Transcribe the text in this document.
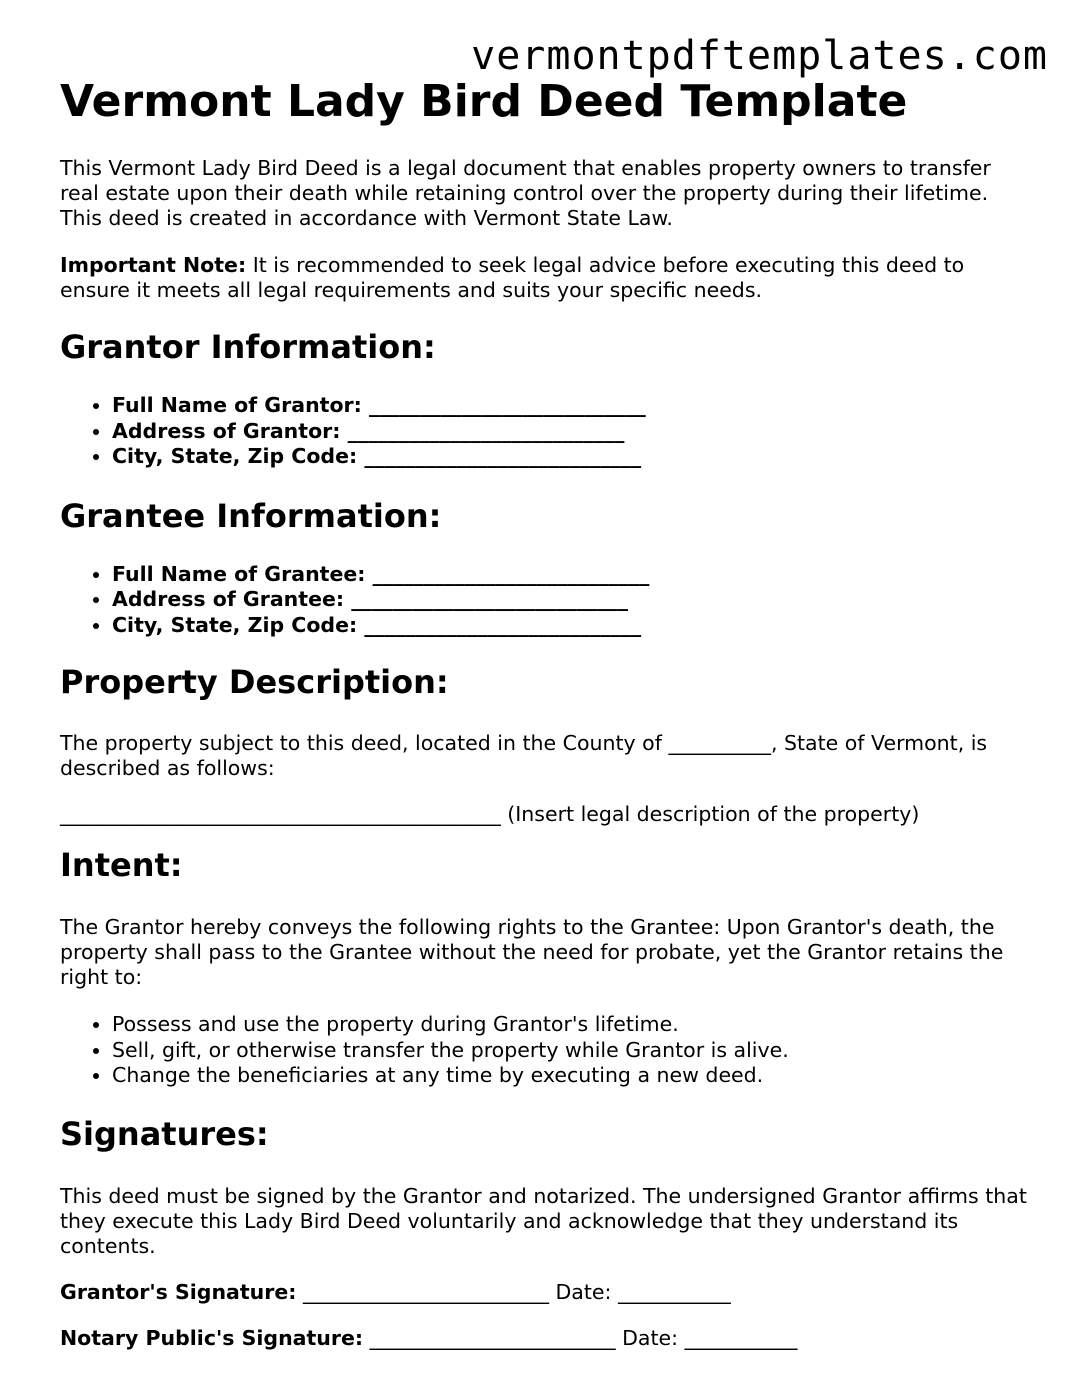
vermontpdftemplates.com
Vermont Lady Bird Deed Template

This Vermont Lady Bird Deed is a legal document that enables property owners to transfer real estate upon their death while retaining control over the property during their lifetime. This deed is created in accordance with Vermont State Law.

Important Note: It is recommended to seek legal advice before executing this deed to ensure it meets all legal requirements and suits your specific needs.

Grantor Information:
• Full Name of Grantor: ___________________________
• Address of Grantor: ___________________________
• City, State, Zip Code: ___________________________
Grantee Information:
• Full Name of Grantee: ___________________________
• Address of Grantee: ___________________________
• City, State, Zip Code: ___________________________
Property Description:

The property subject to this deed, located in the County of __________, State of Vermont, is described as follows:

___________________________________________ (Insert legal description of the property)

Intent:

The Grantor hereby conveys the following rights to the Grantee: Upon Grantor's death, the property shall pass to the Grantee without the need for probate, yet the Grantor retains the right to:

• Possess and use the property during Grantor's lifetime.
• Sell, gift, or otherwise transfer the property while Grantor is alive.
• Change the beneficiaries at any time by executing a new deed.
Signatures:

This deed must be signed by the Grantor and notarized. The undersigned Grantor affirms that they execute this Lady Bird Deed voluntarily and acknowledge that they understand its contents.

Grantor's Signature: ________________________ Date: ___________

Notary Public's Signature: ________________________ Date: ___________
